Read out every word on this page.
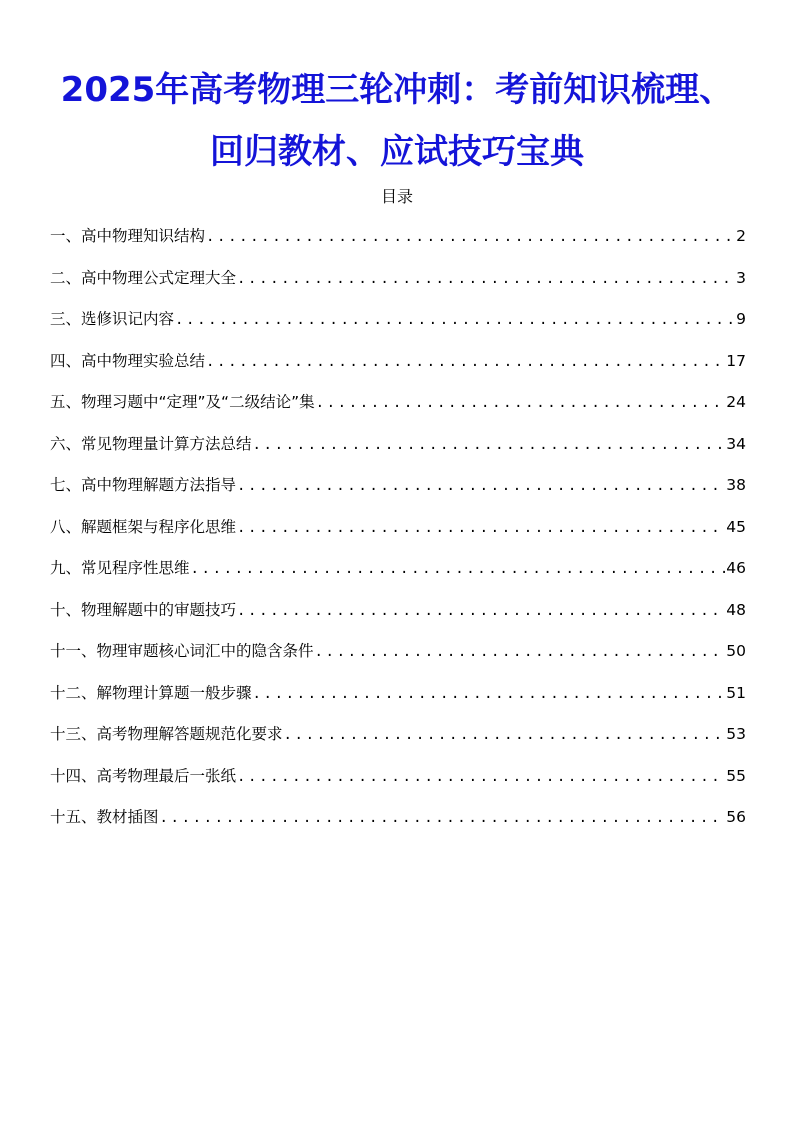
2025年高考物理三轮冲刺：考前知识梳理、
回归教材、应试技巧宝典
目录
一、高中物理知识结构 .....	2
二、高中物理公式定理大全 .....	3
三、选修识记内容 .....	9
四、高中物理实验总结 .....	17
五、物理习题中“定理”及“二级结论”集 .....	24
六、常见物理量计算方法总结 .....	34
七、高中物理解题方法指导 .....	38
八、解题框架与程序化思维 .....	45
九、常见程序性思维 .....	46
十、物理解题中的审题技巧 .....	48
十一、物理审题核心词汇中的隐含条件 .....	50
十二、解物理计算题一般步骤 .....	51
十三、高考物理解答题规范化要求 .....	53
十四、高考物理最后一张纸 .....	55
十五、教材插图 .....	56
